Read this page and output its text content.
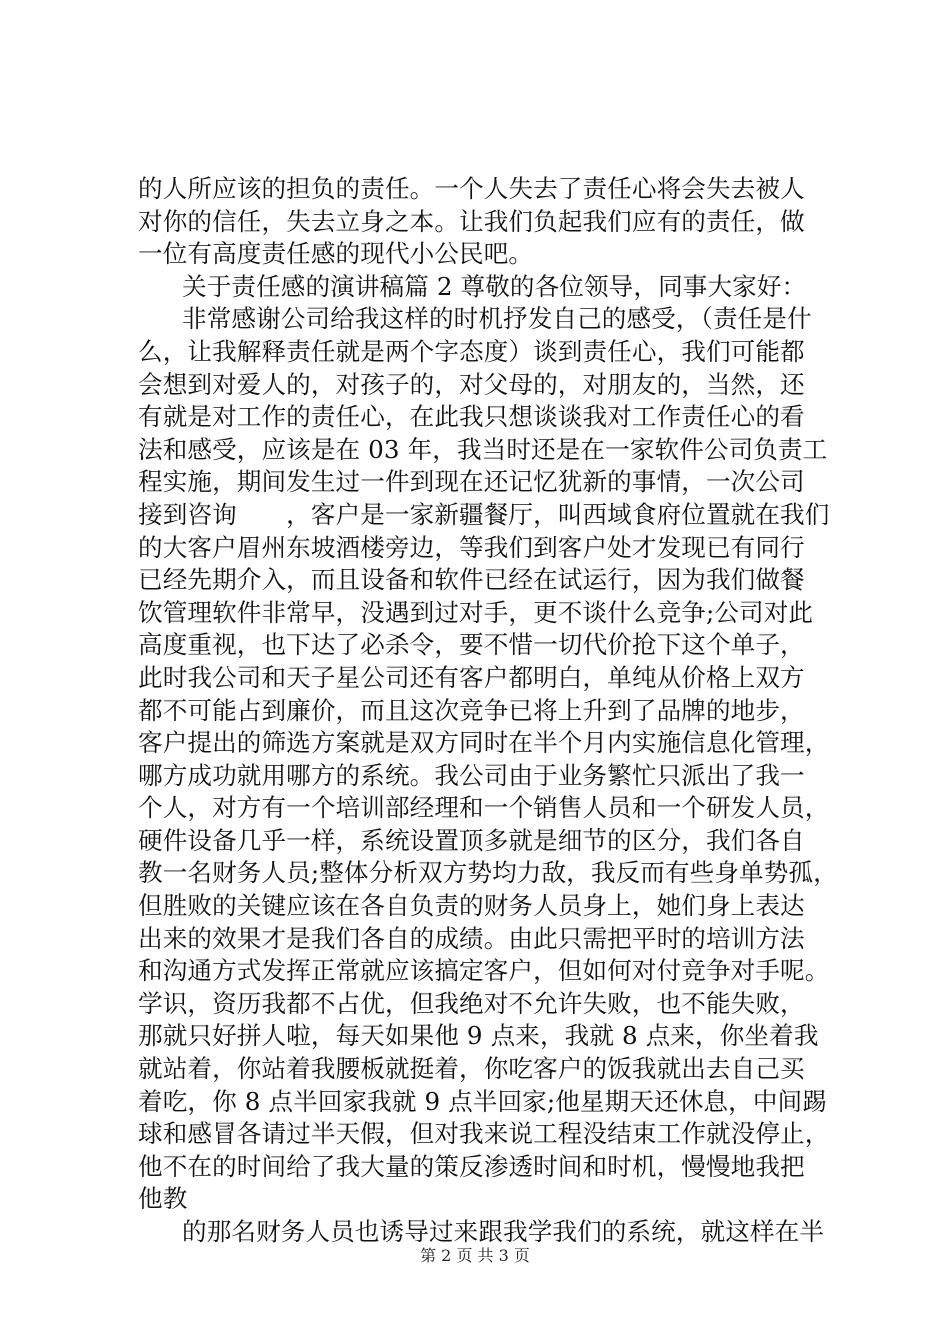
的人所应该的担负的责任。一个人失去了责任心将会失去被人
对你的信任，失去立身之本。让我们负起我们应有的责任，做
一位有高度责任感的现代小公民吧。
关于责任感的演讲稿篇 2 尊敬的各位领导，同事大家好：
非常感谢公司给我这样的时机抒发自己的感受，（责任是什
么，让我解释责任就是两个字态度）谈到责任心，我们可能都
会想到对爱人的，对孩子的，对父母的，对朋友的，当然，还
有就是对工作的责任心，在此我只想谈谈我对工作责任心的看
法和感受，应该是在 03 年，我当时还是在一家软件公司负责工
程实施，期间发生过一件到现在还记忆犹新的事情，一次公司
接到咨询　　，客户是一家新疆餐厅，叫西域食府位置就在我们
的大客户眉州东坡酒楼旁边，等我们到客户处才发现已有同行
已经先期介入，而且设备和软件已经在试运行，因为我们做餐
饮管理软件非常早，没遇到过对手，更不谈什么竞争;公司对此
高度重视，也下达了必杀令，要不惜一切代价抢下这个单子，
此时我公司和天子星公司还有客户都明白，单纯从价格上双方
都不可能占到廉价，而且这次竞争已将上升到了品牌的地步，
客户提出的筛选方案就是双方同时在半个月内实施信息化管理，
哪方成功就用哪方的系统。我公司由于业务繁忙只派出了我一
个人，对方有一个培训部经理和一个销售人员和一个研发人员，
硬件设备几乎一样，系统设置顶多就是细节的区分，我们各自
教一名财务人员;整体分析双方势均力敌，我反而有些身单势孤，
但胜败的关键应该在各自负责的财务人员身上，她们身上表达
出来的效果才是我们各自的成绩。由此只需把平时的培训方法
和沟通方式发挥正常就应该搞定客户，但如何对付竞争对手呢。
学识，资历我都不占优，但我绝对不允许失败，也不能失败，
那就只好拼人啦，每天如果他 9 点来，我就 8 点来，你坐着我
就站着，你站着我腰板就挺着，你吃客户的饭我就出去自己买
着吃，你 8 点半回家我就 9 点半回家;他星期天还休息，中间踢
球和感冒各请过半天假，但对我来说工程没结束工作就没停止，
他不在的时间给了我大量的策反渗透时间和时机，慢慢地我把
他教
的那名财务人员也诱导过来跟我学我们的系统，就这样在半
第 2 页 共 3 页
